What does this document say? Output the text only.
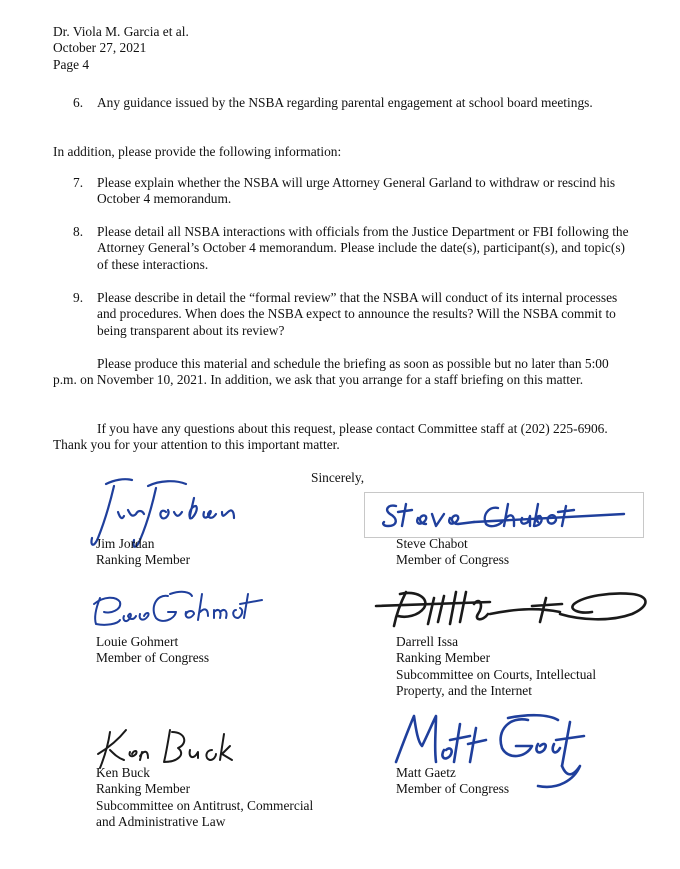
Dr. Viola M. Garcia et al.
October 27, 2021
Page 4
6.	Any guidance issued by the NSBA regarding parental engagement at school board meetings.
In addition, please provide the following information:
7.	Please explain whether the NSBA will urge Attorney General Garland to withdraw or rescind his October 4 memorandum.
8.	Please detail all NSBA interactions with officials from the Justice Department or FBI following the Attorney General’s October 4 memorandum. Please include the date(s), participant(s), and topic(s) of these interactions.
9.	Please describe in detail the “formal review” that the NSBA will conduct of its internal processes and procedures. When does the NSBA expect to announce the results? Will the NSBA commit to being transparent about its review?
Please produce this material and schedule the briefing as soon as possible but no later than 5:00 p.m. on November 10, 2021. In addition, we ask that you arrange for a staff briefing on this matter.
If you have any questions about this request, please contact Committee staff at (202) 225-6906. Thank you for your attention to this important matter.
Sincerely,
Jim Jordan
Ranking Member
Steve Chabot
Member of Congress
Louie Gohmert
Member of Congress
Darrell Issa
Ranking Member
Subcommittee on Courts, Intellectual
Property, and the Internet
Ken Buck
Ranking Member
Subcommittee on Antitrust, Commercial
and Administrative Law
Matt Gaetz
Member of Congress
